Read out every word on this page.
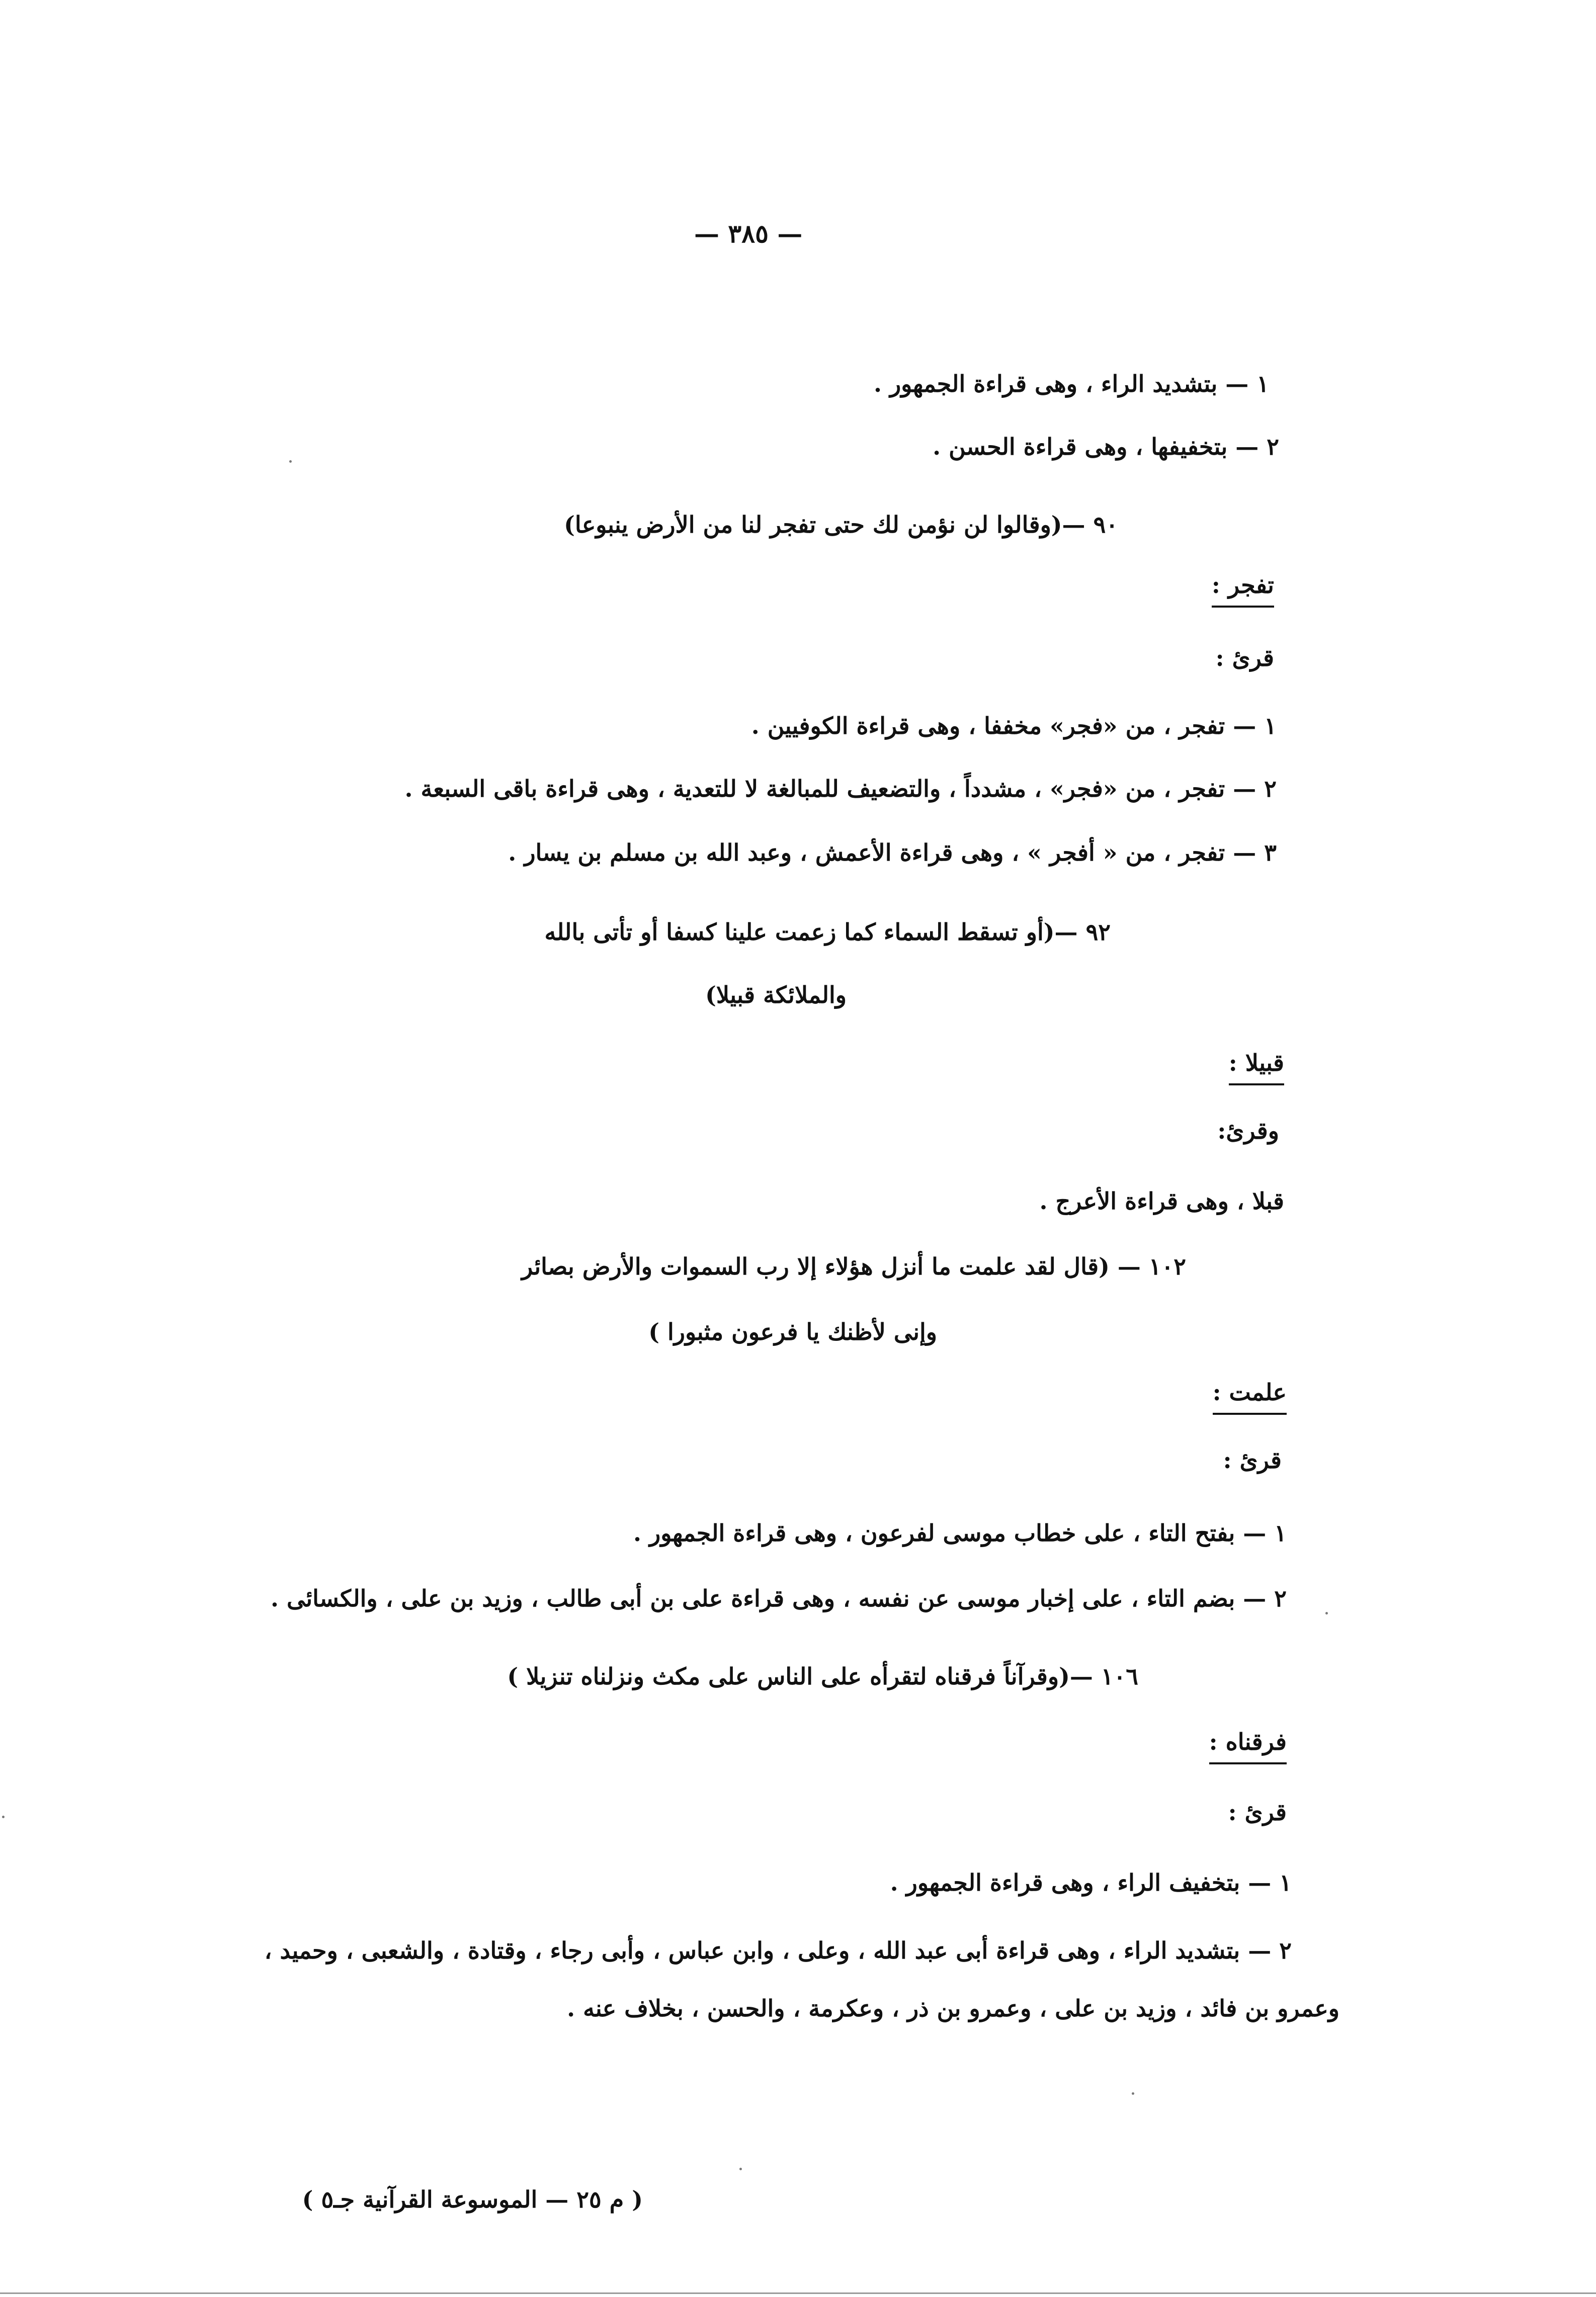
— ٣٨٥ —
١ — بتشديد الراء ، وهى قراءة الجمهور .
٢ — بتخفيفها ، وهى قراءة الحسن .
٩٠ —(وقالوا لن نؤمن لك حتى تفجر لنا من الأرض ينبوعا)
تفجر :
قرئ :
١ — تفجر ، من «فجر» مخففا ، وهى قراءة الكوفيين .
٢ — تفجر ، من «فجر» ، مشدداً ، والتضعيف للمبالغة لا للتعدية ، وهى قراءة باقى السبعة .
٣ — تفجر ، من « أفجر » ، وهى قراءة الأعمش ، وعبد الله بن مسلم بن يسار .
٩٢ —(أو تسقط السماء كما زعمت علينا كسفا أو تأتى بالله
والملائكة قبيلا)
قبيلا :
وقرئ:
قبلا ، وهى قراءة الأعرج .
١٠٢ — (قال لقد علمت ما أنزل هؤلاء إلا رب السموات والأرض بصائر
وإنى لأظنك يا فرعون مثبورا )
علمت :
قرئ :
١ — بفتح التاء ، على خطاب موسى لفرعون ، وهى قراءة الجمهور .
٢ — بضم التاء ، على إخبار موسى عن نفسه ، وهى قراءة على بن أبى طالب ، وزيد بن على ، والكسائى .
١٠٦ —(وقرآناً فرقناه لتقرأه على الناس على مكث ونزلناه تنزيلا )
فرقناه :
قرئ :
١ — بتخفيف الراء ، وهى قراءة الجمهور .
٢ — بتشديد الراء ، وهى قراءة أبى عبد الله ، وعلى ، وابن عباس ، وأبى رجاء ، وقتادة ، والشعبى ، وحميد ،
وعمرو بن فائد ، وزيد بن على ، وعمرو بن ذر ، وعكرمة ، والحسن ، بخلاف عنه .
( م ٢٥ — الموسوعة القرآنية جـ٥ )
